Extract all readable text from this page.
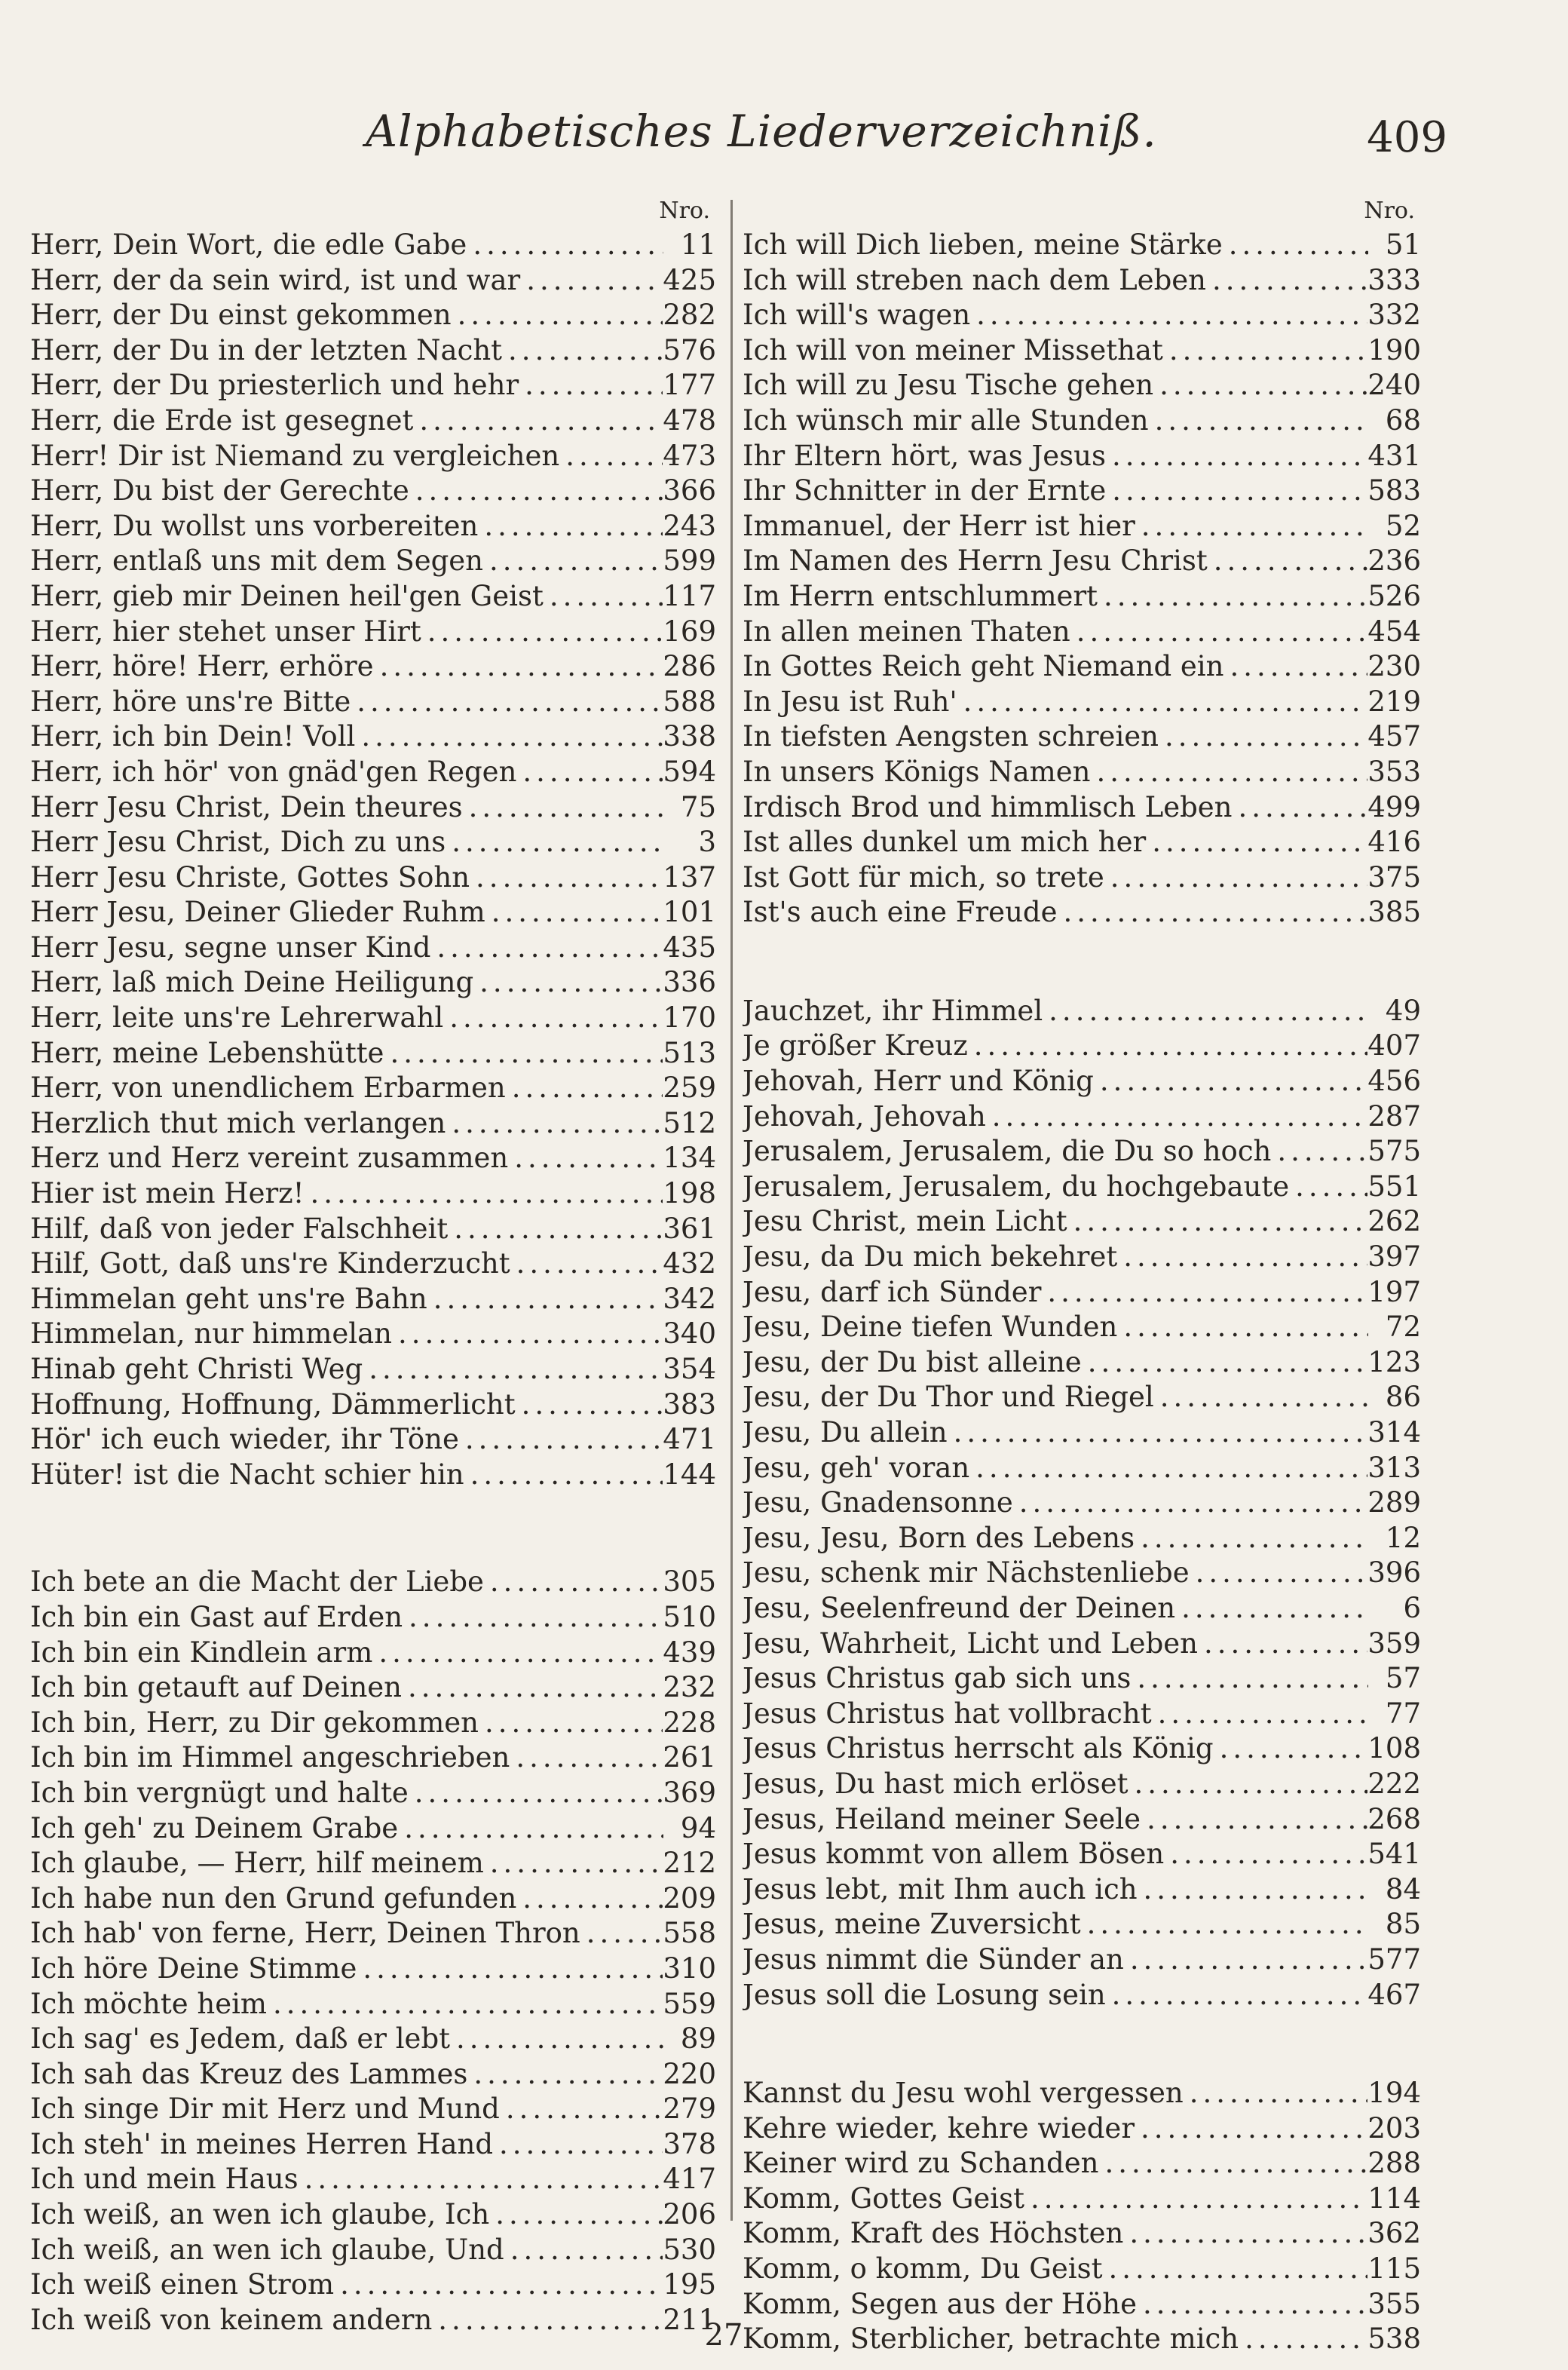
Alphabetisches Liederverzeichniß.	409
Nro.
Herr, Dein Wort, die edle Gabe .....	11
Herr, der da sein wird, ist und war .....	425
Herr, der Du einst gekommen .....	282
Herr, der Du in der letzten Nacht .....	576
Herr, der Du priesterlich und hehr .....	177
Herr, die Erde ist gesegnet .....	478
Herr! Dir ist Niemand zu vergleichen .....	473
Herr, Du bist der Gerechte .....	366
Herr, Du wollst uns vorbereiten .....	243
Herr, entlaß uns mit dem Segen .....	599
Herr, gieb mir Deinen heil'gen Geist .....	117
Herr, hier stehet unser Hirt .....	169
Herr, höre! Herr, erhöre .....	286
Herr, höre uns're Bitte .....	588
Herr, ich bin Dein! Voll .....	338
Herr, ich hör' von gnäd'gen Regen .....	594
Herr Jesu Christ, Dein theures .....	75
Herr Jesu Christ, Dich zu uns .....	3
Herr Jesu Christe, Gottes Sohn .....	137
Herr Jesu, Deiner Glieder Ruhm .....	101
Herr Jesu, segne unser Kind .....	435
Herr, laß mich Deine Heiligung .....	336
Herr, leite uns're Lehrerwahl .....	170
Herr, meine Lebenshütte .....	513
Herr, von unendlichem Erbarmen .....	259
Herzlich thut mich verlangen .....	512
Herz und Herz vereint zusammen .....	134
Hier ist mein Herz! .....	198
Hilf, daß von jeder Falschheit .....	361
Hilf, Gott, daß uns're Kinderzucht .....	432
Himmelan geht uns're Bahn .....	342
Himmelan, nur himmelan .....	340
Hinab geht Christi Weg .....	354
Hoffnung, Hoffnung, Dämmerlicht .....	383
Hör' ich euch wieder, ihr Töne .....	471
Hüter! ist die Nacht schier hin .....	144
Ich bete an die Macht der Liebe .....	305
Ich bin ein Gast auf Erden .....	510
Ich bin ein Kindlein arm .....	439
Ich bin getauft auf Deinen .....	232
Ich bin, Herr, zu Dir gekommen .....	228
Ich bin im Himmel angeschrieben .....	261
Ich bin vergnügt und halte .....	369
Ich geh' zu Deinem Grabe .....	94
Ich glaube, — Herr, hilf meinem .....	212
Ich habe nun den Grund gefunden .....	209
Ich hab' von ferne, Herr, Deinen Thron .....	558
Ich höre Deine Stimme .....	310
Ich möchte heim .....	559
Ich sag' es Jedem, daß er lebt .....	89
Ich sah das Kreuz des Lammes .....	220
Ich singe Dir mit Herz und Mund .....	279
Ich steh' in meines Herren Hand .....	378
Ich und mein Haus .....	417
Ich weiß, an wen ich glaube, Ich .....	206
Ich weiß, an wen ich glaube, Und .....	530
Ich weiß einen Strom .....	195
Ich weiß von keinem andern .....	211
Nro.
Ich will Dich lieben, meine Stärke .....	51
Ich will streben nach dem Leben .....	333
Ich will's wagen .....	332
Ich will von meiner Missethat .....	190
Ich will zu Jesu Tische gehen .....	240
Ich wünsch mir alle Stunden .....	68
Ihr Eltern hört, was Jesus .....	431
Ihr Schnitter in der Ernte .....	583
Immanuel, der Herr ist hier .....	52
Im Namen des Herrn Jesu Christ .....	236
Im Herrn entschlummert .....	526
In allen meinen Thaten .....	454
In Gottes Reich geht Niemand ein .....	230
In Jesu ist Ruh' .....	219
In tiefsten Aengsten schreien .....	457
In unsers Königs Namen .....	353
Irdisch Brod und himmlisch Leben .....	499
Ist alles dunkel um mich her .....	416
Ist Gott für mich, so trete .....	375
Ist's auch eine Freude .....	385
Jauchzet, ihr Himmel .....	49
Je größer Kreuz .....	407
Jehovah, Herr und König .....	456
Jehovah, Jehovah .....	287
Jerusalem, Jerusalem, die Du so hoch .....	575
Jerusalem, Jerusalem, du hochgebaute .....	551
Jesu Christ, mein Licht .....	262
Jesu, da Du mich bekehret .....	397
Jesu, darf ich Sünder .....	197
Jesu, Deine tiefen Wunden .....	72
Jesu, der Du bist alleine .....	123
Jesu, der Du Thor und Riegel .....	86
Jesu, Du allein .....	314
Jesu, geh' voran .....	313
Jesu, Gnadensonne .....	289
Jesu, Jesu, Born des Lebens .....	12
Jesu, schenk mir Nächstenliebe .....	396
Jesu, Seelenfreund der Deinen .....	6
Jesu, Wahrheit, Licht und Leben .....	359
Jesus Christus gab sich uns .....	57
Jesus Christus hat vollbracht .....	77
Jesus Christus herrscht als König .....	108
Jesus, Du hast mich erlöset .....	222
Jesus, Heiland meiner Seele .....	268
Jesus kommt von allem Bösen .....	541
Jesus lebt, mit Ihm auch ich .....	84
Jesus, meine Zuversicht .....	85
Jesus nimmt die Sünder an .....	577
Jesus soll die Losung sein .....	467
Kannst du Jesu wohl vergessen .....	194
Kehre wieder, kehre wieder .....	203
Keiner wird zu Schanden .....	288
Komm, Gottes Geist .....	114
Komm, Kraft des Höchsten .....	362
Komm, o komm, Du Geist .....	115
Komm, Segen aus der Höhe .....	355
Komm, Sterblicher, betrachte mich .....	538
27
